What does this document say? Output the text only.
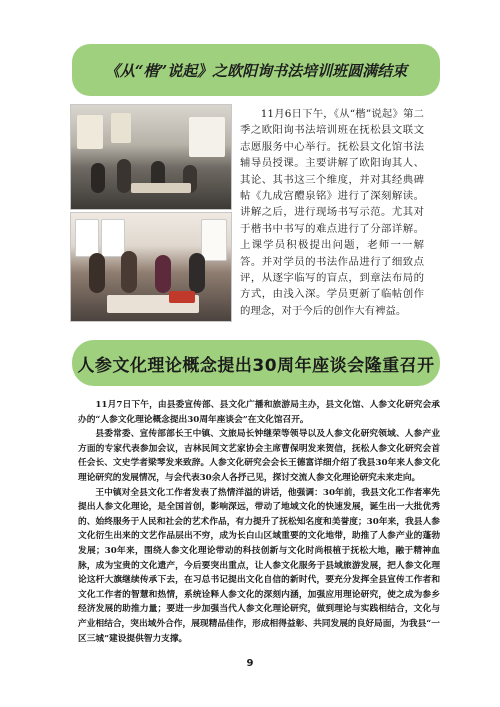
《从“楷”说起》之欧阳询书法培训班圆满结束

11月6日下午，《从“楷”说起》第二季之欧阳询书法培训班在抚松县文联文志愿服务中心举行。抚松县文化馆书法辅导员授课。主要讲解了欧阳询其人、其论、其书这三个维度，并对其经典碑帖《九成宫醴泉铭》进行了深刻解读。讲解之后，进行现场书写示范。尤其对于楷书中书写的难点进行了分部详解。上课学员积极提出问题，老师一一解答。并对学员的书法作品进行了细致点评，从逐字临写的盲点，到章法布局的方式，由浅入深。学员更新了临帖创作的理念，对于今后的创作大有裨益。

人参文化理论概念提出30周年座谈会隆重召开

11月7日下午，由县委宣传部、县文化广播和旅游局主办，县文化馆、人参文化研究会承办的“人参文化理论概念提出30周年座谈会”在文化馆召开。

县委常委、宣传部部长王中镇、文旅局长钟继荣等领导以及人参文化研究领域、人参产业方面的专家代表参加会议，吉林民间文艺家协会主席曹保明发来贺信，抚松人参文化研究会首任会长、文史学者梁琴发来致辞。人参文化研究会会长王德富详细介绍了我县30年来人参文化理论研究的发展情况，与会代表30余人各抒己见，探讨交流人参文化理论研究未来走向。

王中镇对全县文化工作者发表了热情洋溢的讲话，他强调：30年前，我县文化工作者率先提出人参文化理论，是全国首创，影响深远，带动了地域文化的快速发展，诞生出一大批优秀的、始终服务于人民和社会的艺术作品，有力提升了抚松知名度和美誉度；30年来，我县人参文化衍生出来的文艺作品层出不穷，成为长白山区域重要的文化地带，助推了人参产业的蓬勃发展；30年来，围绕人参文化理论带动的科技创新与文化时尚根植于抚松大地，融于精神血脉，成为宝贵的文化遗产，今后要突出重点，让人参文化服务于县域旅游发展，把人参文化理论这杆大旗继续传承下去，在习总书记提出文化自信的新时代，要充分发挥全县宣传工作者和文化工作者的智慧和热情，系统诠释人参文化的深刻内涵，加强应用理论研究，使之成为参乡经济发展的助推力量；要进一步加强当代人参文化理论研究，做到理论与实践相结合，文化与产业相结合，突出域外合作，展现精品佳作，形成相得益彰、共同发展的良好局面，为我县“一区三城”建设提供智力支撑。

9
